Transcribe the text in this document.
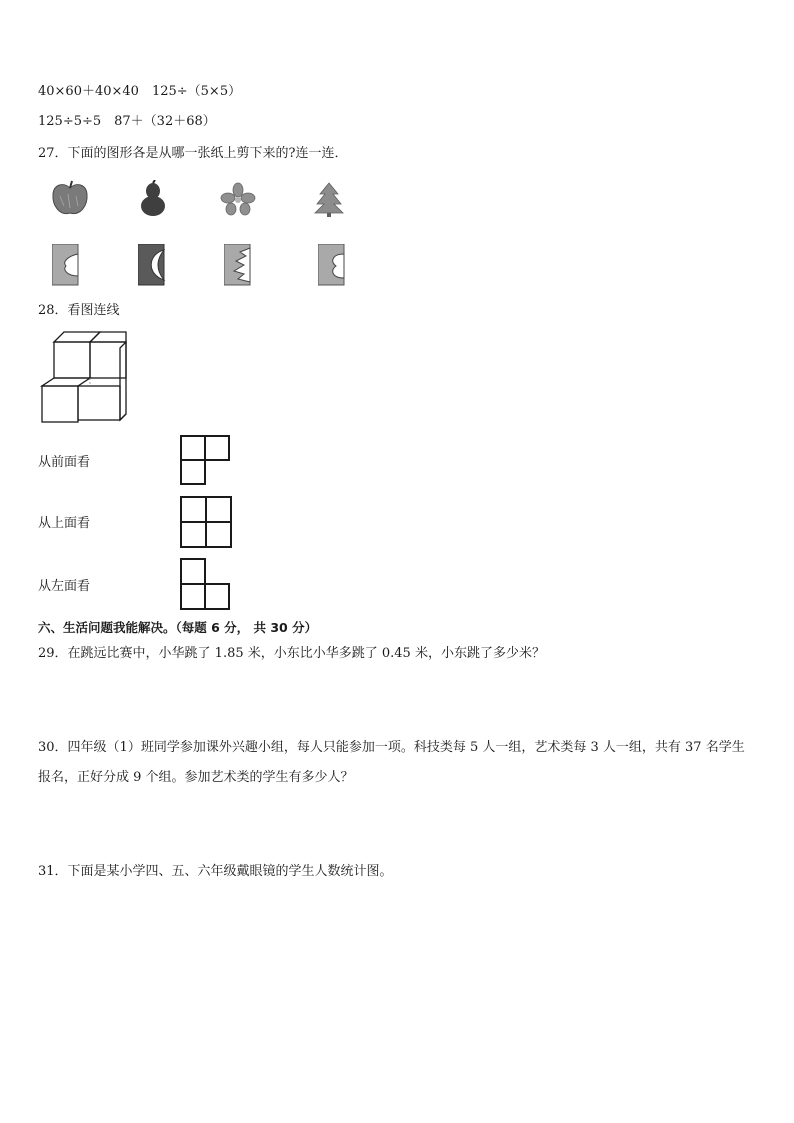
40×60＋40×40　125÷（5×5）
125÷5÷5　87＋（32＋68）
27．下面的图形各是从哪一张纸上剪下来的?连一连．
28．看图连线
从前面看
从上面看
从左面看
六、生活问题我能解决。（每题 6 分， 共 30 分）
29．在跳远比赛中，小华跳了 1.85 米，小东比小华多跳了 0.45 米，小东跳了多少米？
30．四年级（1）班同学参加课外兴趣小组，每人只能参加一项。科技类每 5 人一组，艺术类每 3 人一组，共有 37 名学生报名，正好分成 9 个组。参加艺术类的学生有多少人？
31．下面是某小学四、五、六年级戴眼镜的学生人数统计图。
